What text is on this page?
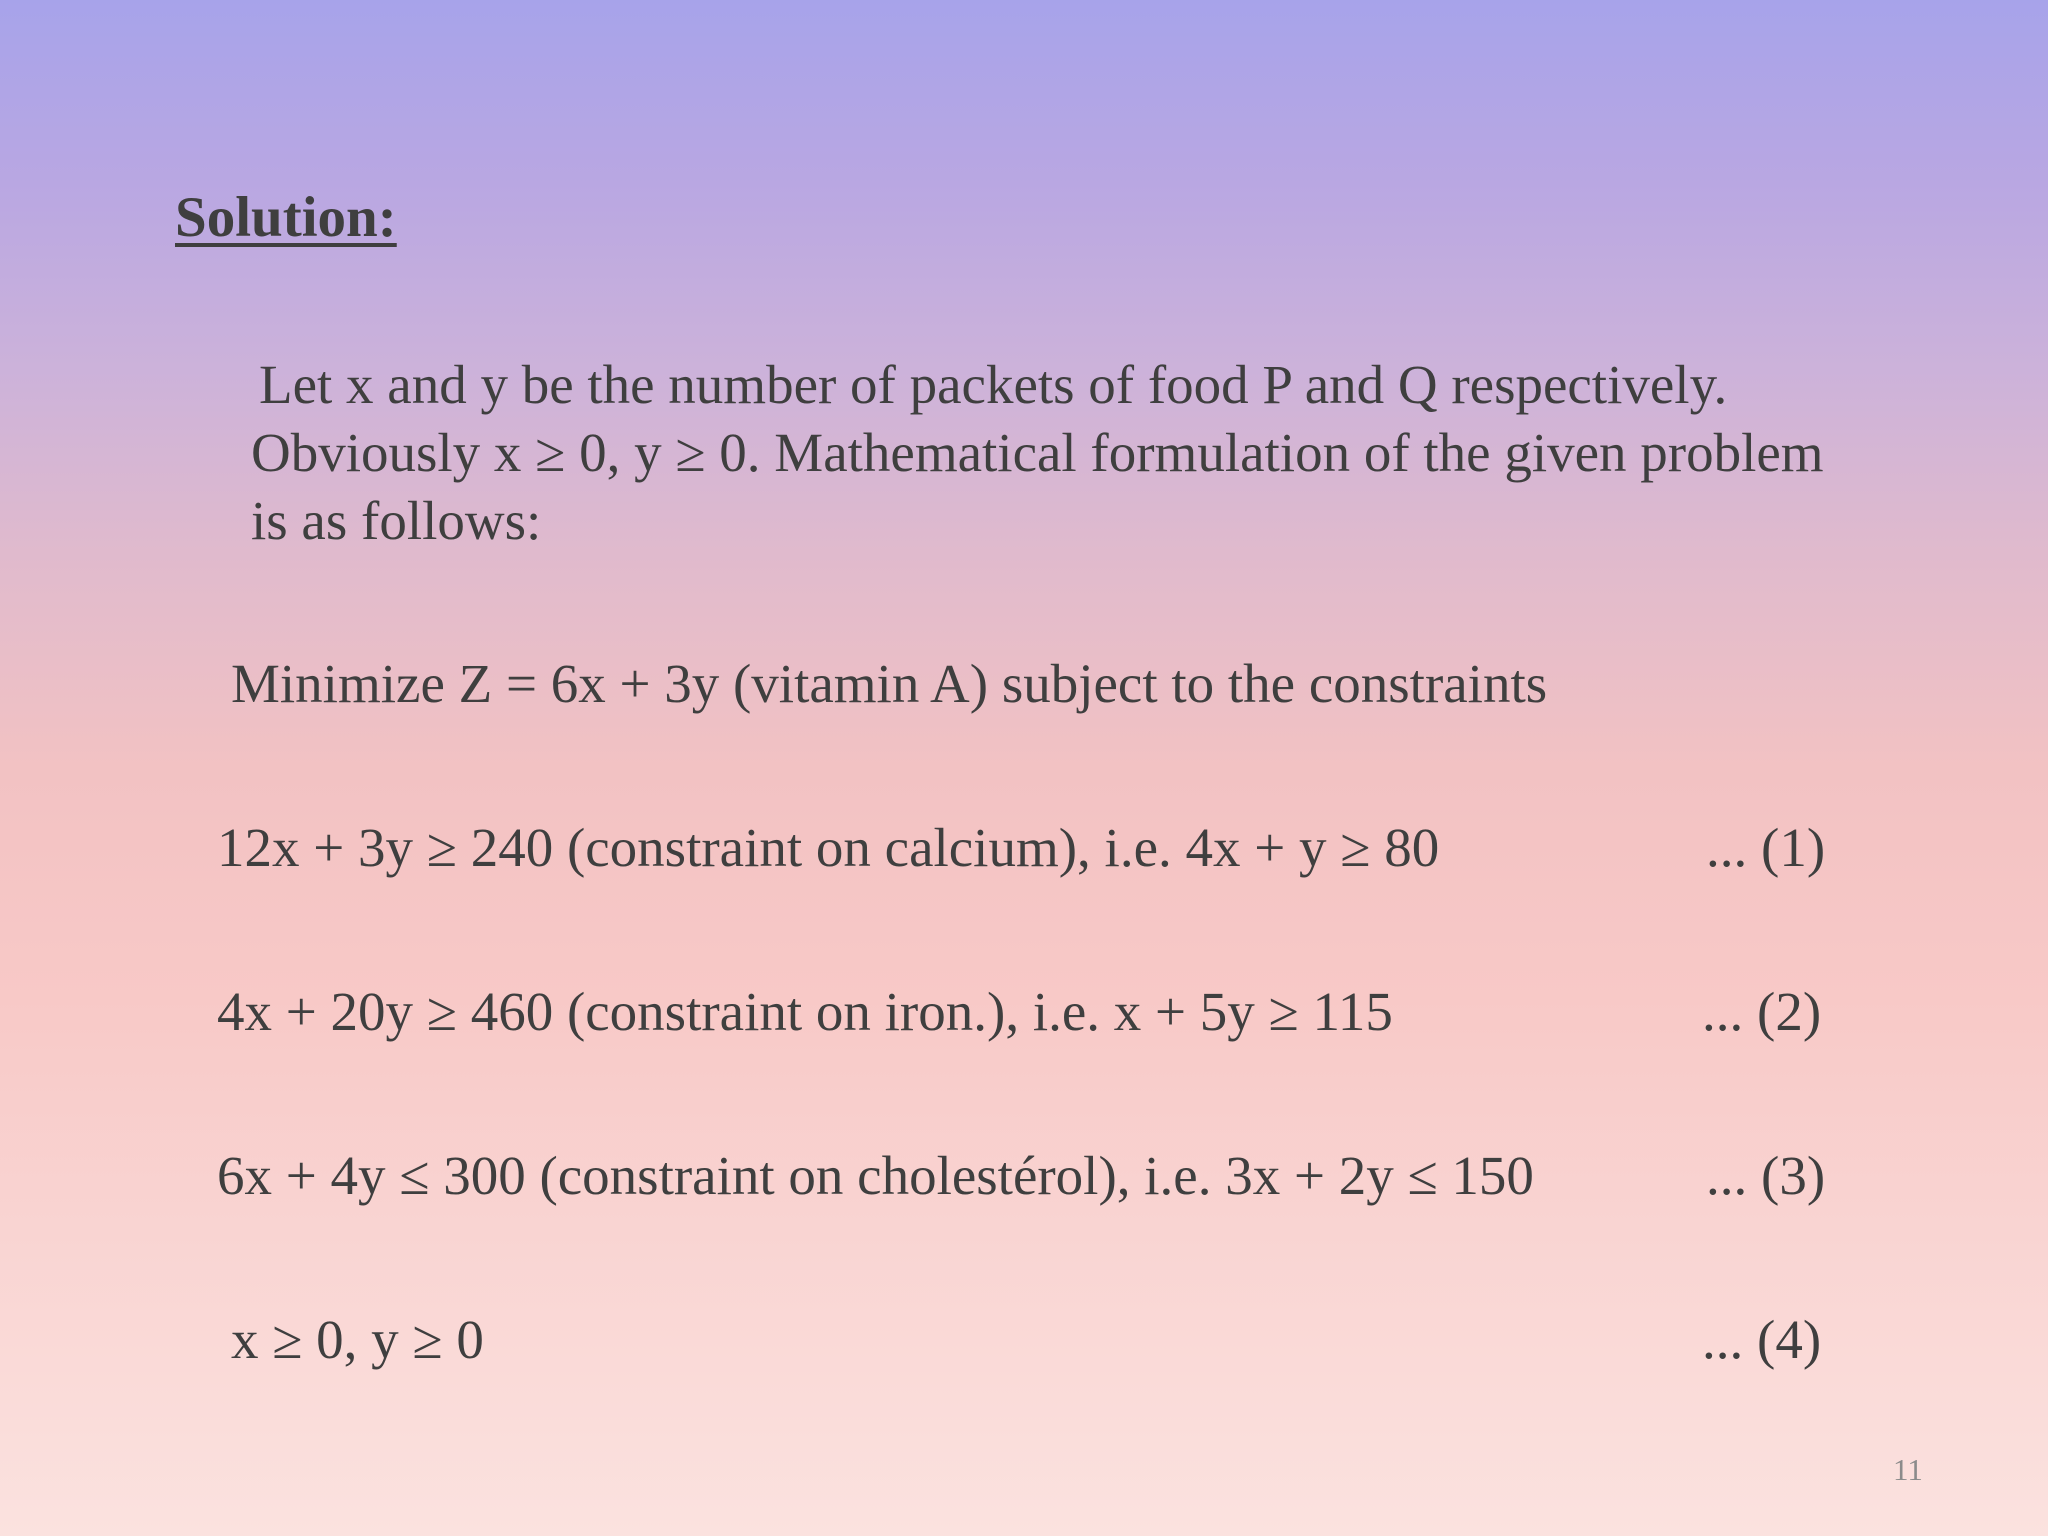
Solution:
Let x and y be the number of packets of food P and Q respectively.
Obviously x ≥ 0, y ≥ 0. Mathematical formulation of the given problem
is as follows:
Minimize Z = 6x + 3y (vitamin A) subject to the constraints
12x + 3y ≥ 240 (constraint on calcium), i.e. 4x + y ≥ 80	... (1)
4x + 20y ≥ 460 (constraint on iron.), i.e. x + 5y ≥ 115	... (2)
6x + 4y ≤ 300 (constraint on cholestérol), i.e. 3x + 2y ≤ 150	... (3)
x ≥ 0, y ≥ 0	... (4)
11
